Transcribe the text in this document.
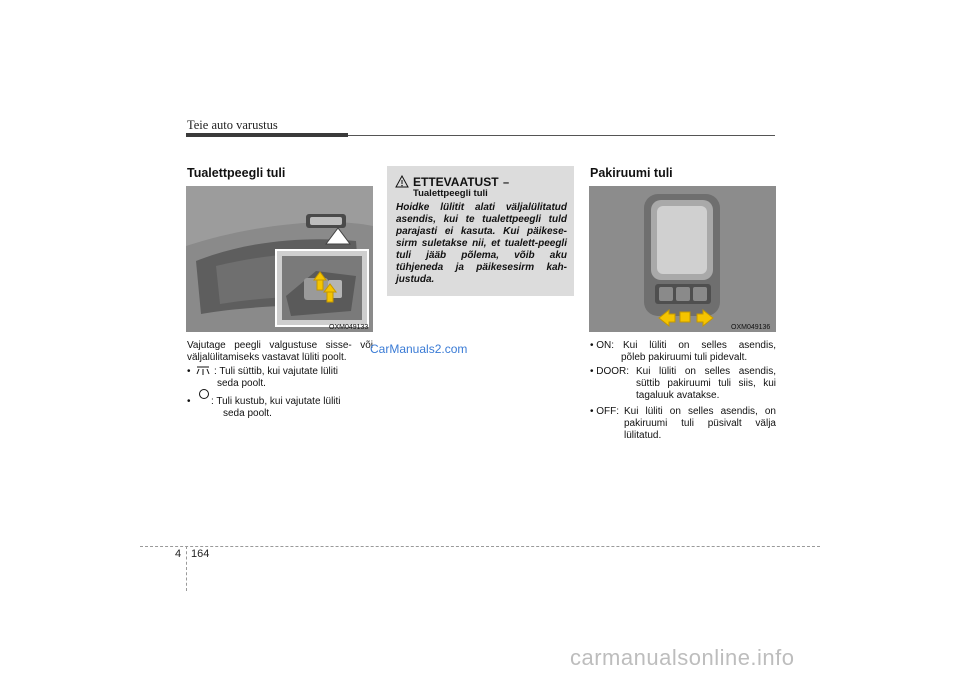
Teie auto varustus
Tualettpeegli tuli
OXM049133
Vajutage peegli valgustuse sisse- või väljalülitamiseks vastavat lüliti poolt.
• : Tuli süttib, kui vajutate lüliti
seda poolt.
• : Tuli kustub, kui vajutate lüliti
seda poolt.
ETTEVAATUST –
Tualettpeegli tuli
Hoidke lülitit alati väljalülitatud asendis, kui te tualettpeegli tuld parajasti ei kasuta. Kui päikese-sirm suletakse nii, et tualett-peegli tuli jääb põlema, võib aku tühjeneda ja päikesesirm kah-justuda.
Pakiruumi tuli
OXM049136
• ON: Kui lüliti on selles asendis,
põleb pakiruumi tuli pidevalt.
• DOOR: Kui lüliti on selles asendis,
süttib pakiruumi tuli siis, kui
tagaluuk avatakse.
• OFF: Kui lüliti on selles asendis, on
pakiruumi tuli püsivalt välja
lülitatud.
CarManuals2.com
4 164
carmanualsonline.info
